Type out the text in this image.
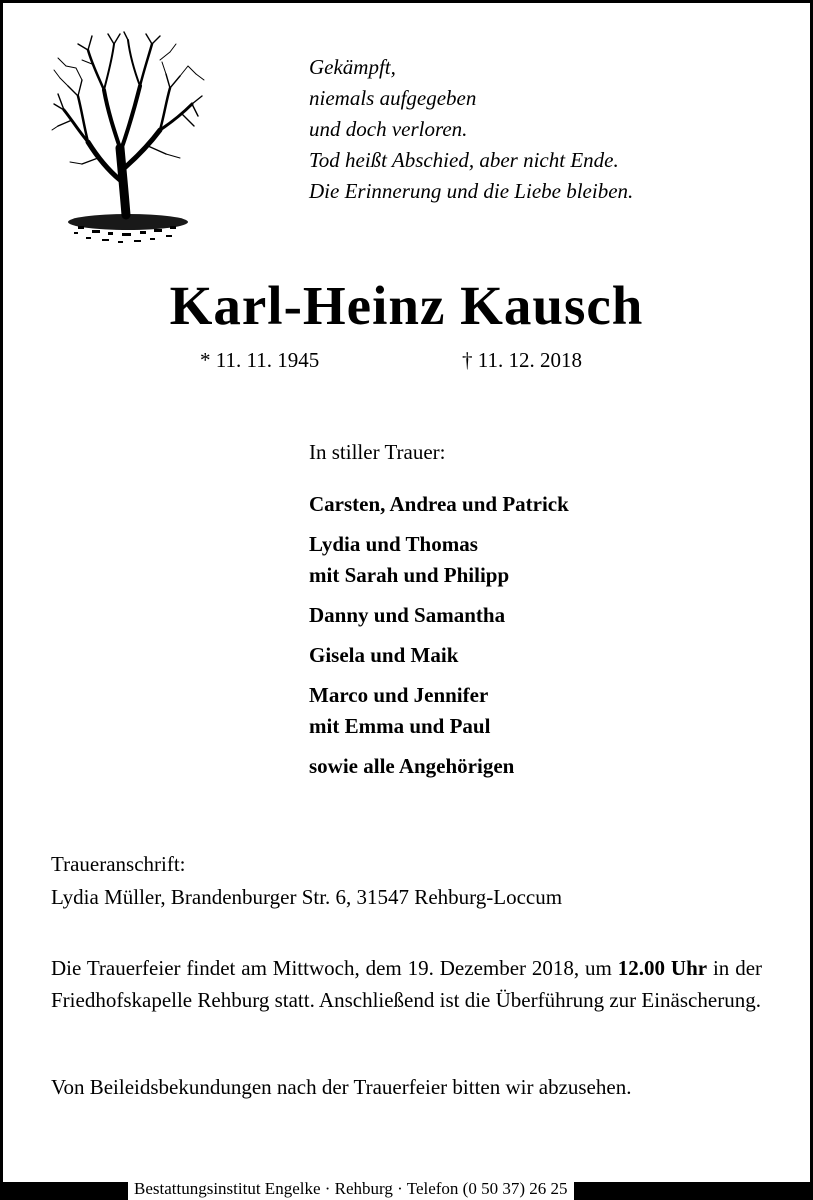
Gekämpft,
niemals aufgegeben
und doch verloren.
Tod heißt Abschied, aber nicht Ende.
Die Erinnerung und die Liebe bleiben.
Karl-Heinz Kausch
* 11. 11. 1945	† 11. 12. 2018
In stiller Trauer:
Carsten, Andrea und Patrick
Lydia und Thomas
mit Sarah und Philipp
Danny und Samantha
Gisela und Maik
Marco und Jennifer
mit Emma und Paul
sowie alle Angehörigen
Traueranschrift:
Lydia Müller, Brandenburger Str. 6, 31547 Rehburg-Loccum
Die Trauerfeier findet am Mittwoch, dem 19. Dezember 2018, um 12.00 Uhr in der Friedhofskapelle Rehburg statt. Anschließend ist die Überführung zur Einäscherung.
Von Beileidsbekundungen nach der Trauerfeier bitten wir abzusehen.
Bestattungsinstitut Engelke · Rehburg · Telefon (0 50 37) 26 25
